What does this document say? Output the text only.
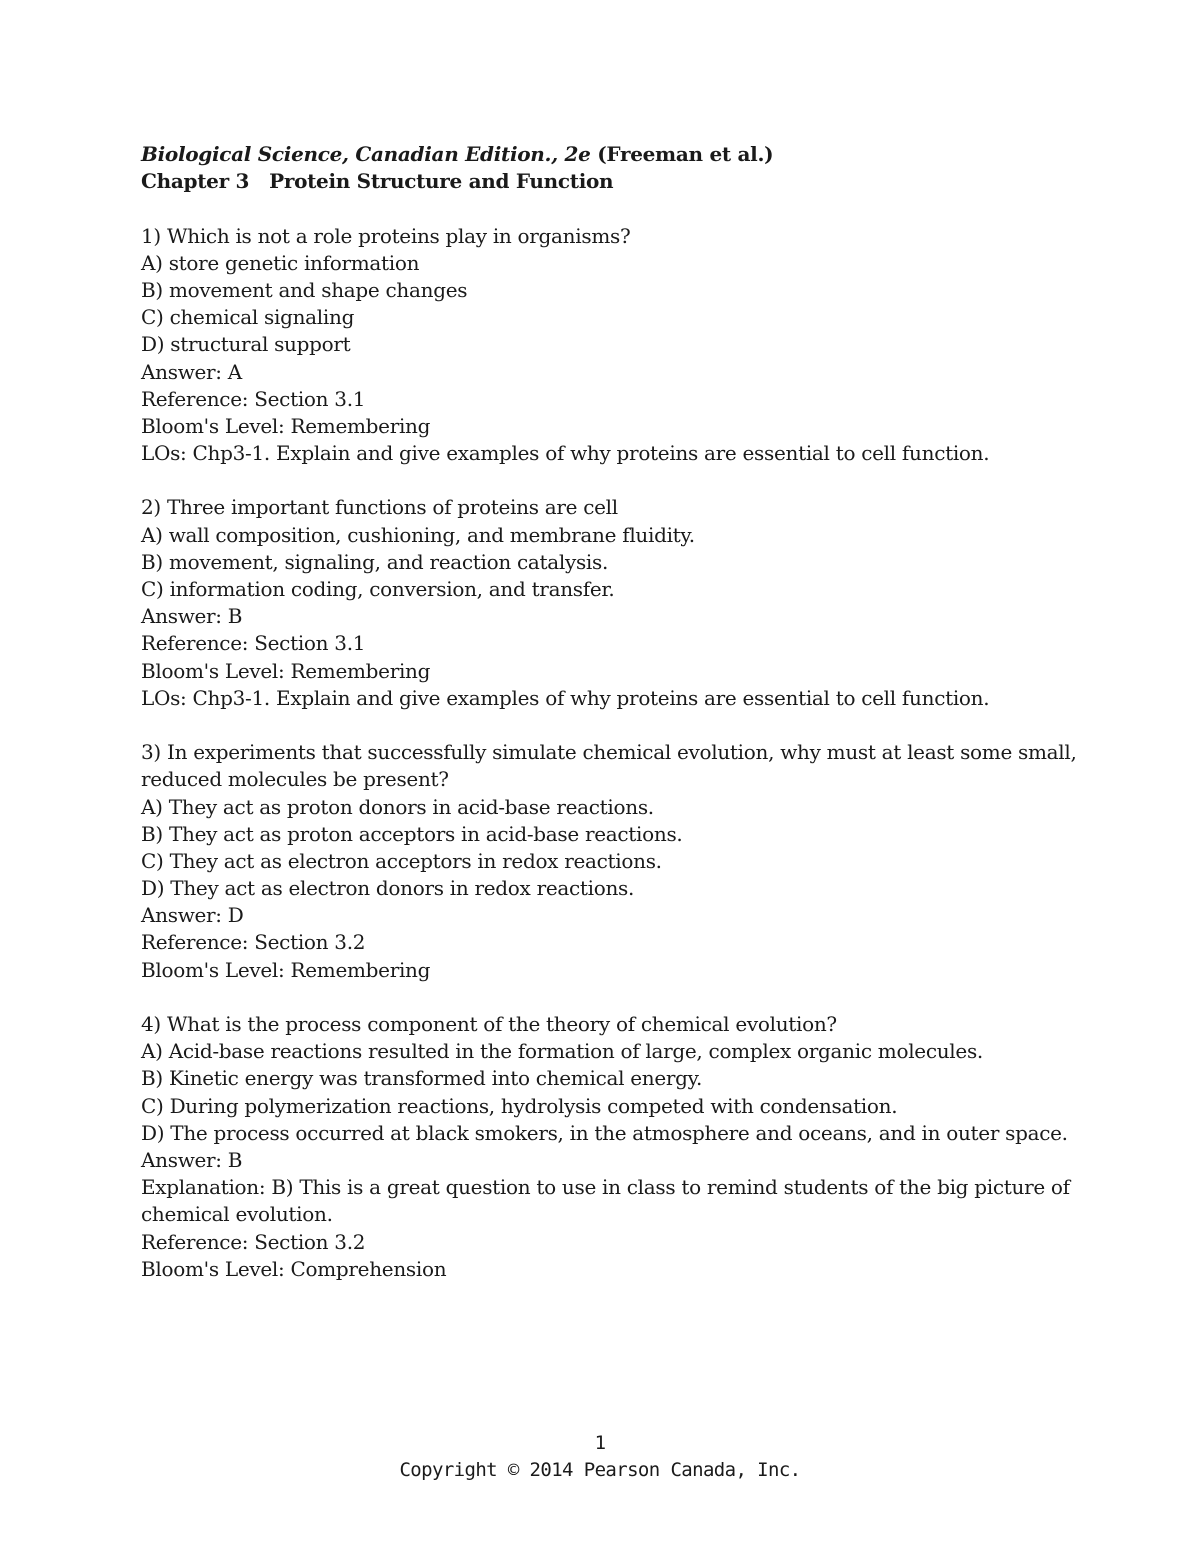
Biological Science, Canadian Edition., 2e (Freeman et al.)
Chapter 3 Protein Structure and Function
1) Which is not a role proteins play in organisms?
A) store genetic information
B) movement and shape changes
C) chemical signaling
D) structural support
Answer: A
Reference: Section 3.1
Bloom's Level: Remembering
LOs: Chp3-1. Explain and give examples of why proteins are essential to cell function.
2) Three important functions of proteins are cell
A) wall composition, cushioning, and membrane fluidity.
B) movement, signaling, and reaction catalysis.
C) information coding, conversion, and transfer.
Answer: B
Reference: Section 3.1
Bloom's Level: Remembering
LOs: Chp3-1. Explain and give examples of why proteins are essential to cell function.
3) In experiments that successfully simulate chemical evolution, why must at least some small,
reduced molecules be present?
A) They act as proton donors in acid-base reactions.
B) They act as proton acceptors in acid-base reactions.
C) They act as electron acceptors in redox reactions.
D) They act as electron donors in redox reactions.
Answer: D
Reference: Section 3.2
Bloom's Level: Remembering
4) What is the process component of the theory of chemical evolution?
A) Acid-base reactions resulted in the formation of large, complex organic molecules.
B) Kinetic energy was transformed into chemical energy.
C) During polymerization reactions, hydrolysis competed with condensation.
D) The process occurred at black smokers, in the atmosphere and oceans, and in outer space.
Answer: B
Explanation: B) This is a great question to use in class to remind students of the big picture of
chemical evolution.
Reference: Section 3.2
Bloom's Level: Comprehension
1
Copyright © 2014 Pearson Canada, Inc.
